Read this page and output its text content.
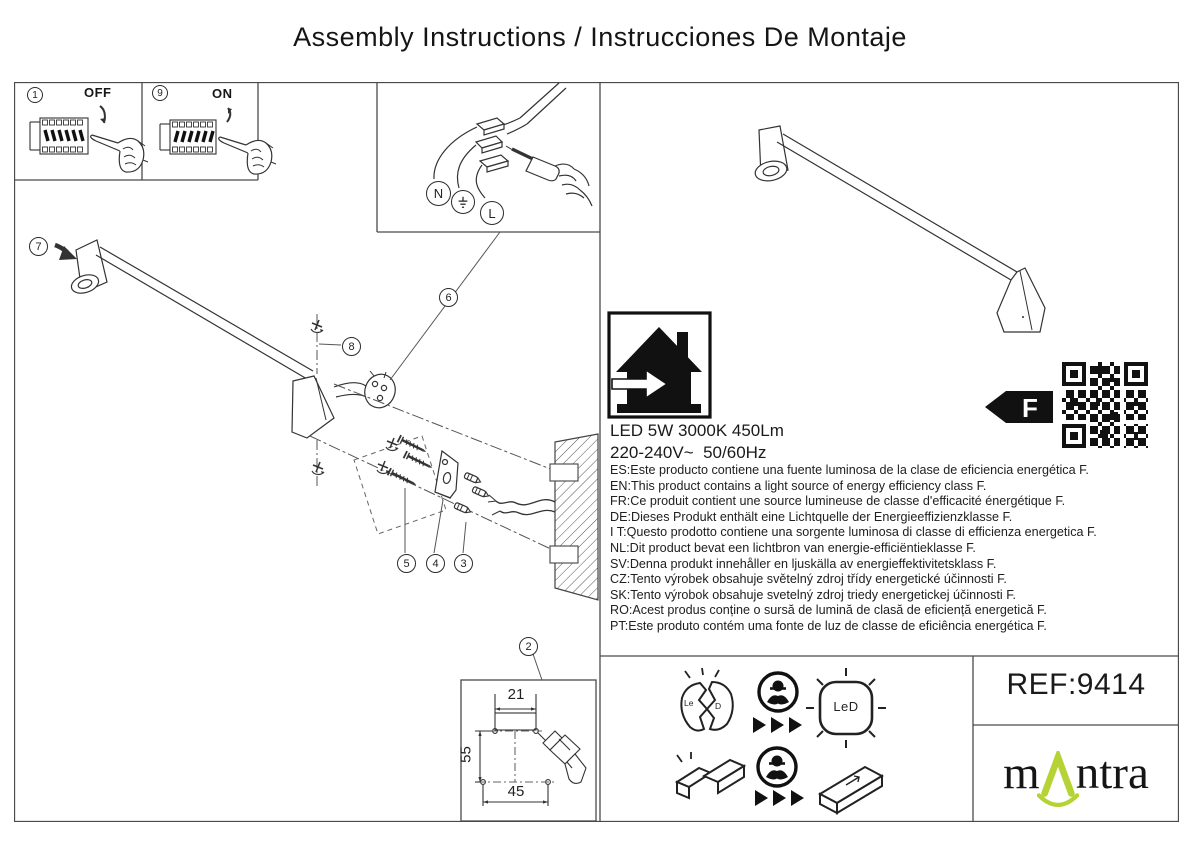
Assembly Instructions / Instrucciones De Montaje
1	OFF	9	ON
N
L
7
8
6
5 4 3
2
21
55
45
LED 5W 3000K 450Lm
220-240V~  50/60Hz
ES:Este producto contiene una fuente luminosa de la clase de eficiencia energética F.
EN:This product contains a light source of energy efficiency class F.
FR:Ce produit contient une source lumineuse de classe d'efficacité énergétique F.
DE:Dieses Produkt enthält eine Lichtquelle der Energieeffizienzklasse F.
I T:Questo prodotto contiene una sorgente luminosa di classe di efficienza energetica F.
NL:Dit product bevat een lichtbron van energie-efficiëntieklasse F.
SV:Denna produkt innehåller en ljuskälla av energieffektivitetsklass F.
CZ:Tento výrobek obsahuje světelný zdroj třídy energetické účinnosti F.
SK:Tento výrobok obsahuje svetelný zdroj triedy energetickej účinnosti F.
RO:Acest produs conține o sursă de lumină de clasă de eficiență energetică F.
PT:Este produto contém uma fonte de luz de classe de eficiência energética F.
F
Le	D	LeD
REF:9414
m ntra
